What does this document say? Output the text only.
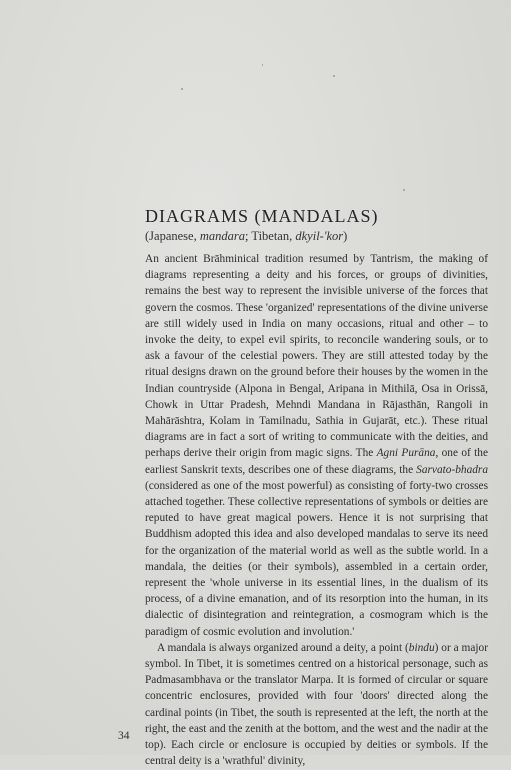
DIAGRAMS (MANDALAS)
(Japanese, mandara; Tibetan, dkyil-'kor)

An ancient Brāhminical tradition resumed by Tantrism, the making of diagrams representing a deity and his forces, or groups of divinities, remains the best way to represent the invisible universe of the forces that govern the cosmos. These 'organized' representations of the divine universe are still widely used in India on many occasions, ritual and other – to invoke the deity, to expel evil spirits, to reconcile wandering souls, or to ask a favour of the celestial powers. They are still attested today by the ritual designs drawn on the ground before their houses by the women in the Indian countryside (Alpona in Bengal, Aripana in Mithilā, Osa in Orissā, Chowk in Uttar Pradesh, Mehndi Mandana in Rājasthān, Rangoli in Mahārāshtra, Kolam in Tamilnadu, Sathia in Gujarāt, etc.). These ritual diagrams are in fact a sort of writing to communicate with the deities, and perhaps derive their origin from magic signs. The Agni Purāna, one of the earliest Sanskrit texts, describes one of these diagrams, the Sarvato-bhadra (considered as one of the most powerful) as consisting of forty-two crosses attached together. These collective representations of symbols or deities are reputed to have great magical powers. Hence it is not surprising that Buddhism adopted this idea and also developed mandalas to serve its need for the organization of the material world as well as the subtle world. In a mandala, the deities (or their symbols), assembled in a certain order, represent the 'whole universe in its essential lines, in the dualism of its process, of a divine emanation, and of its resorption into the human, in its dialectic of disintegration and reintegration, a cosmogram which is the paradigm of cosmic evolution and involution.'

A mandala is always organized around a deity, a point (bindu) or a major symbol. In Tibet, it is sometimes centred on a historical personage, such as Padmasambhava or the translator Marpa. It is formed of circular or square concentric enclosures, provided with four 'doors' directed along the cardinal points (in Tibet, the south is represented at the left, the north at the right, the east and the zenith at the bottom, and the west and the nadir at the top). Each circle or enclosure is occupied by deities or symbols. If the central deity is a 'wrathful' divinity,

34
